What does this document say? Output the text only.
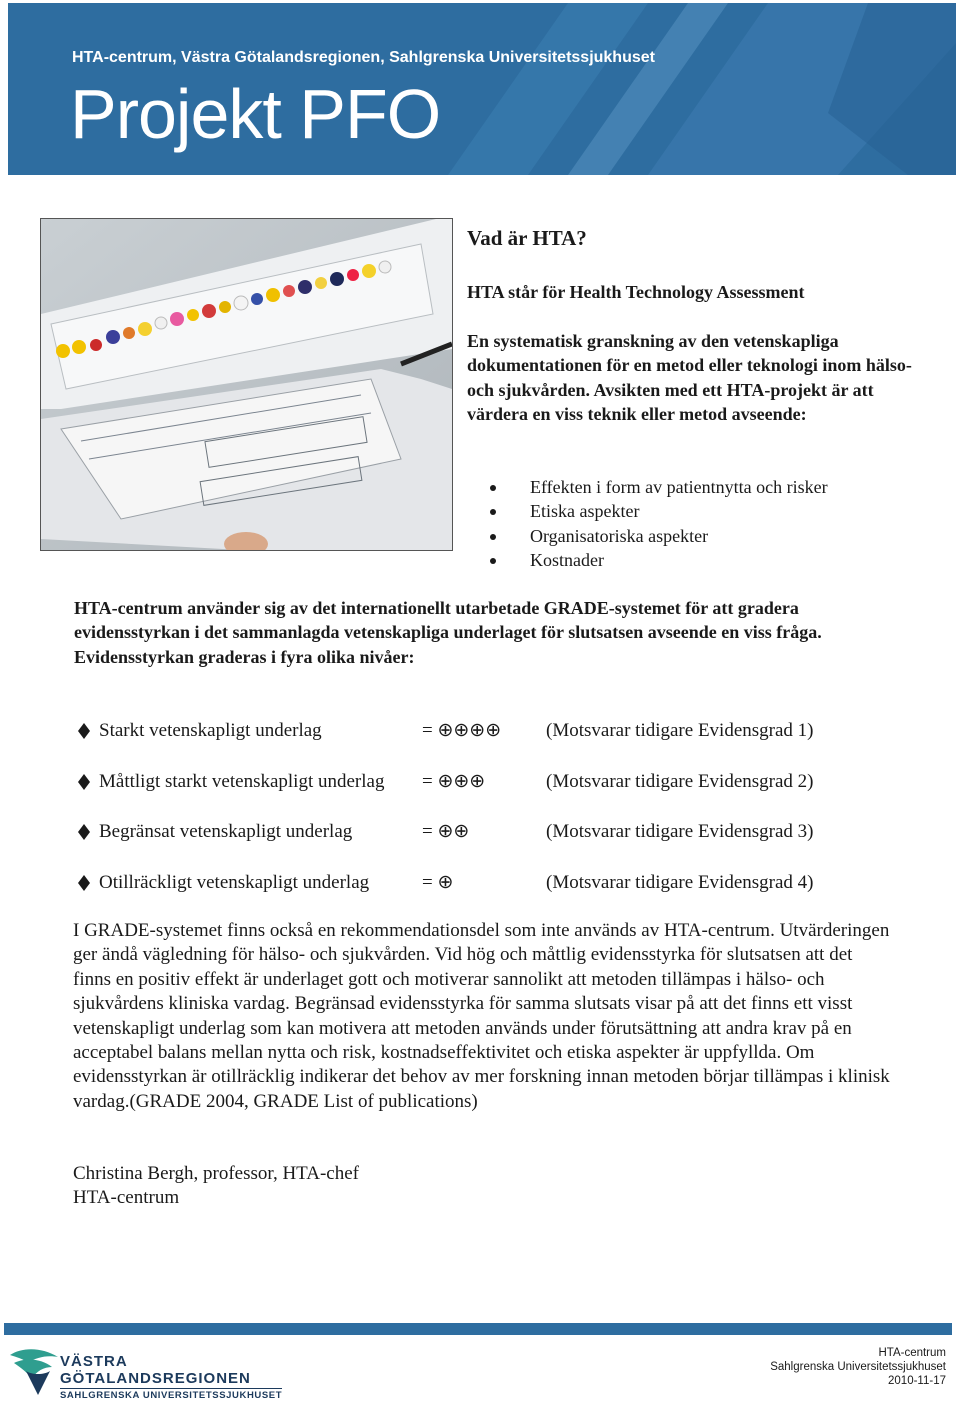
HTA-centrum, Västra Götalandsregionen, Sahlgrenska Universitetssjukhuset
Projekt PFO
Vad är HTA?
HTA står för Health Technology Assessment
En systematisk granskning av den vetenskapliga dokumentationen för en metod eller teknologi inom hälso- och sjukvården. Avsikten med ett HTA-projekt är att värdera en viss teknik eller metod avseende:
Effekten i form av patientnytta och risker
Etiska aspekter
Organisatoriska aspekter
Kostnader
HTA-centrum använder sig av det internationellt utarbetade GRADE-systemet för att gradera evidensstyrkan i det sammanlagda vetenskapliga underlaget för slutsatsen avseende en viss fråga. Evidensstyrkan graderas i fyra olika nivåer:
Starkt vetenskapligt underlag	= ⊕⊕⊕⊕ (Motsvarar tidigare Evidensgrad 1)
Måttligt starkt vetenskapligt underlag = ⊕⊕⊕	(Motsvarar tidigare Evidensgrad 2)
Begränsat vetenskapligt underlag	= ⊕⊕	(Motsvarar tidigare Evidensgrad 3)
Otillräckligt vetenskapligt underlag	= ⊕	(Motsvarar tidigare Evidensgrad 4)
I GRADE-systemet finns också en rekommendationsdel som inte används av HTA-centrum. Utvärderingen ger ändå vägledning för hälso- och sjukvården. Vid hög och måttlig evidensstyrka för slutsatsen att det finns en positiv effekt är underlaget gott och motiverar sannolikt att metoden tillämpas i hälso- och sjukvårdens kliniska vardag. Begränsad evidensstyrka för samma slutsats visar på att det finns ett visst vetenskapligt underlag som kan motivera att metoden används under förutsättning att andra krav på en acceptabel balans mellan nytta och risk, kostnadseffektivitet och etiska aspekter är uppfyllda. Om evidensstyrkan är otillräcklig indikerar det behov av mer forskning innan metoden börjar tillämpas i klinisk vardag.(GRADE 2004, GRADE List of publications)
Christina Bergh, professor, HTA-chef
HTA-centrum
VÄSTRA
GÖTALANDSREGIONEN
SAHLGRENSKA UNIVERSITETSSJUKHUSET
HTA-centrum
Sahlgrenska Universitetssjukhuset
2010-11-17
